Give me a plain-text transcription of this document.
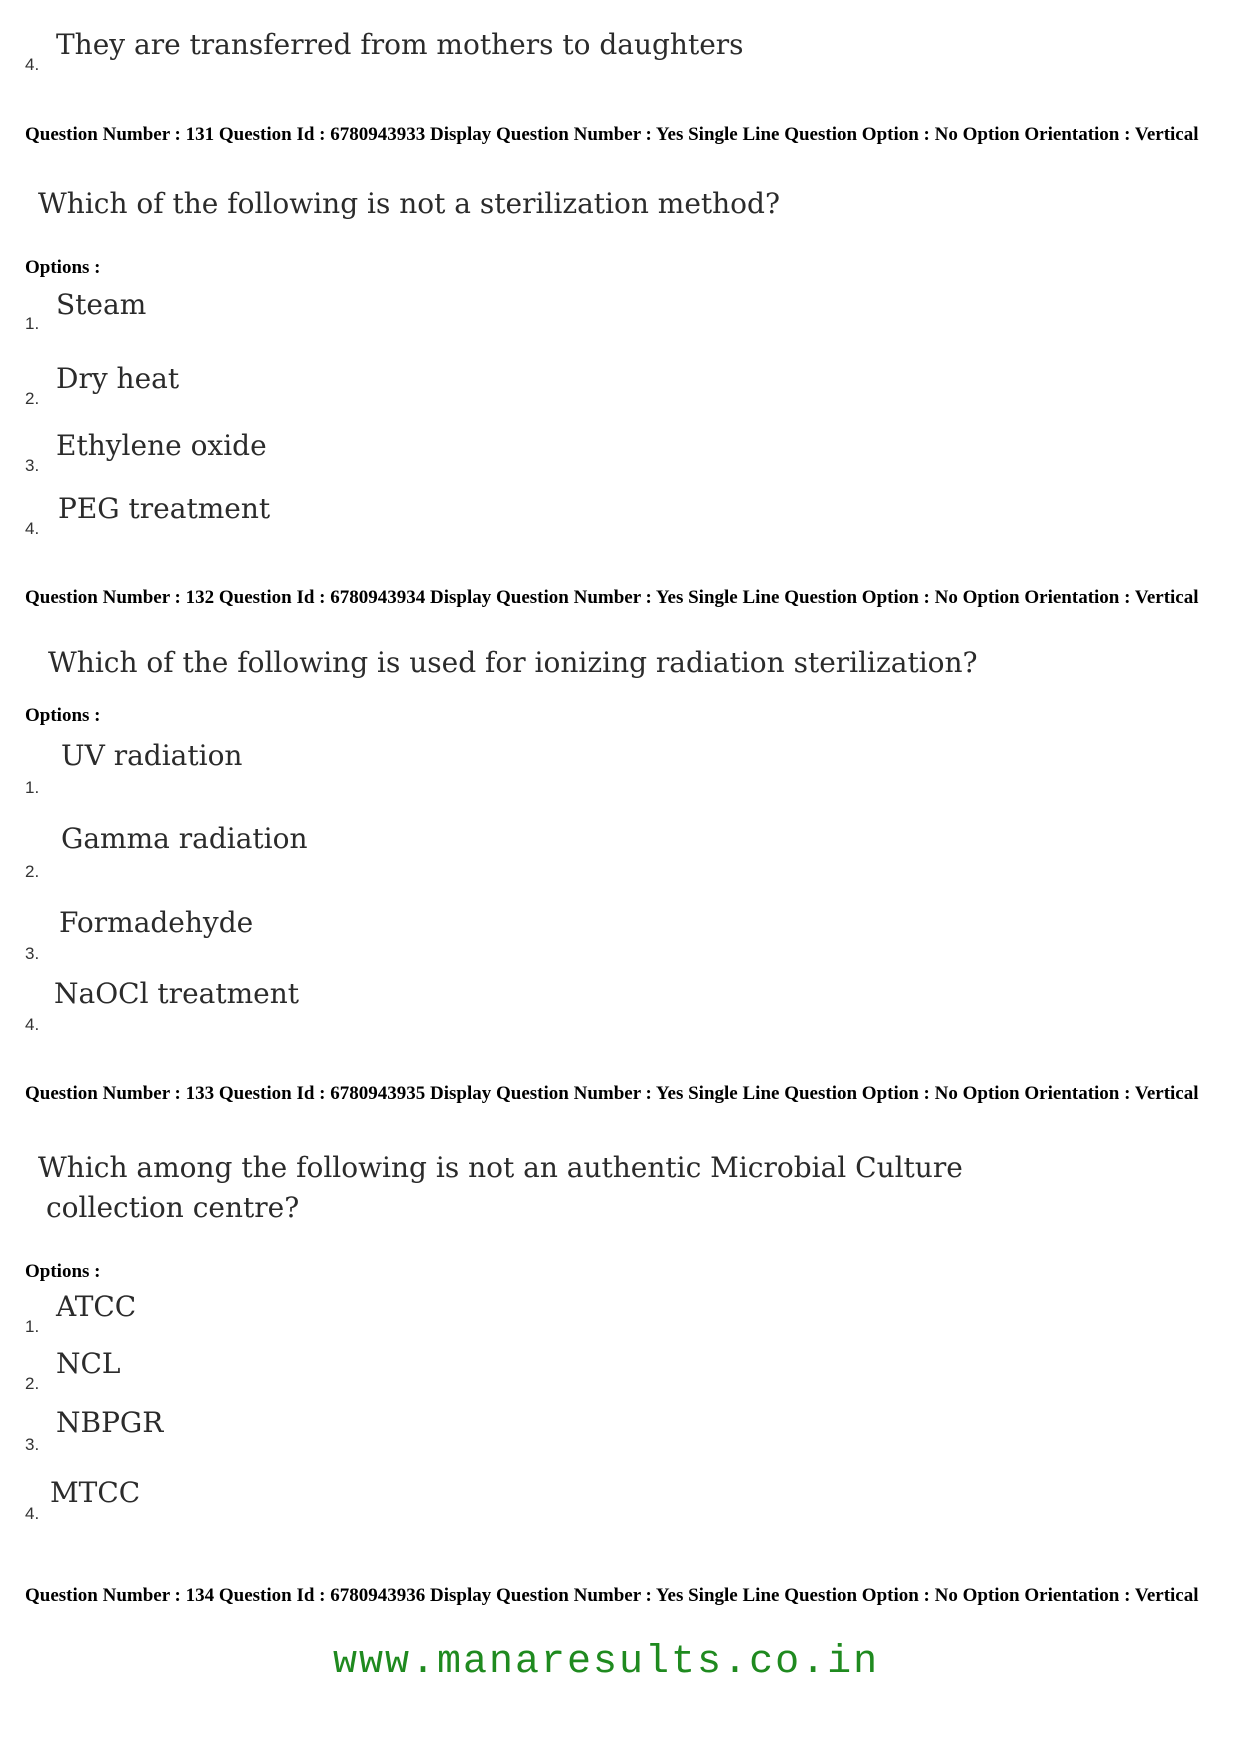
4.
They are transferred from mothers to daughters
Question Number : 131 Question Id : 6780943933 Display Question Number : Yes Single Line Question Option : No Option Orientation : Vertical
Which of the following is not a sterilization method?
Options :
1.
Steam
2.
Dry heat
3.
Ethylene oxide
4.
PEG treatment
Question Number : 132 Question Id : 6780943934 Display Question Number : Yes Single Line Question Option : No Option Orientation : Vertical
Which of the following is used for ionizing radiation sterilization?
Options :
1.
UV radiation
2.
Gamma radiation
3.
Formadehyde
4.
NaOCl treatment
Question Number : 133 Question Id : 6780943935 Display Question Number : Yes Single Line Question Option : No Option Orientation : Vertical
Which among the following is not an authentic Microbial Culture
collection centre?
Options :
1.
ATCC
2.
NCL
3.
NBPGR
4.
MTCC
Question Number : 134 Question Id : 6780943936 Display Question Number : Yes Single Line Question Option : No Option Orientation : Vertical
www.manaresults.co.in
